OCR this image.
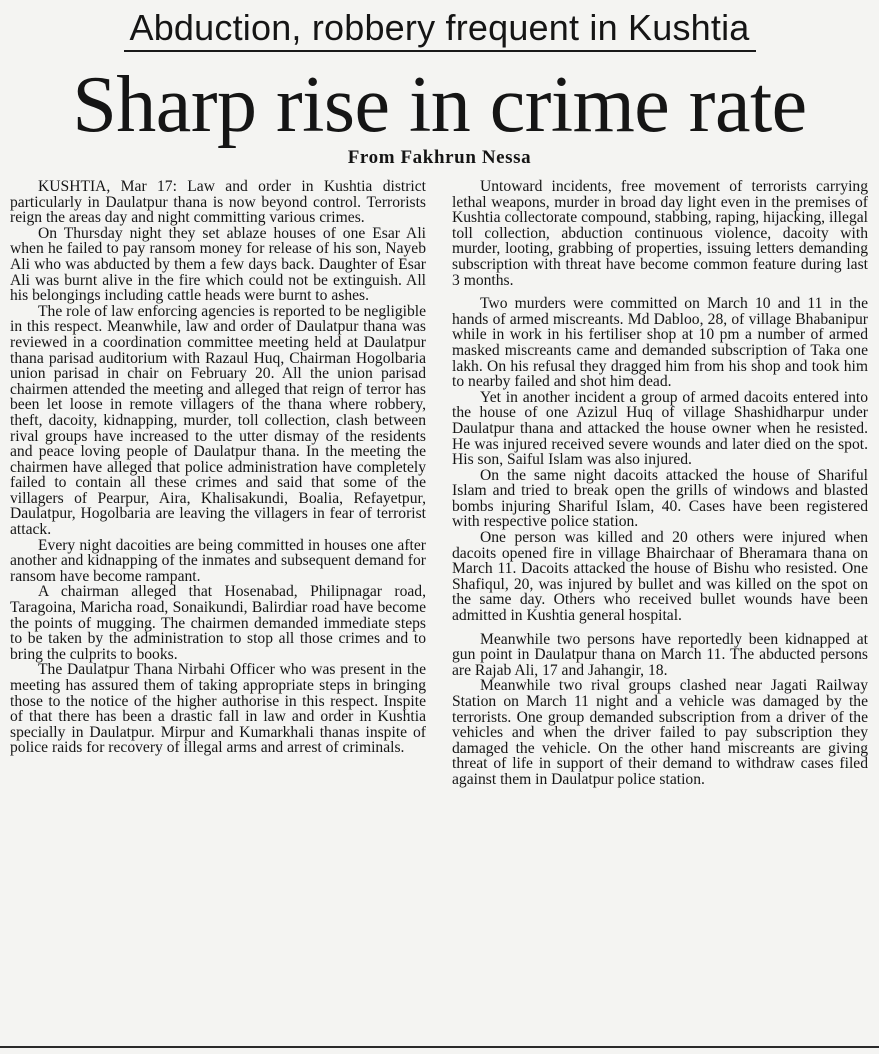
Abduction, robbery frequent in Kushtia
Sharp rise in crime rate
From Fakhrun Nessa

KUSHTIA, Mar 17: Law and order in Kushtia district particularly in Daulatpur thana is now beyond control. Terrorists reign the areas day and night committing various crimes.

On Thursday night they set ablaze houses of one Esar Ali when he failed to pay ransom money for release of his son, Nayeb Ali who was abducted by them a few days back. Daughter of Esar Ali was burnt alive in the fire which could not be extinguish. All his belongings including cattle heads were burnt to ashes.

The role of law enforcing agencies is reported to be negligible in this respect. Meanwhile, law and order of Daulatpur thana was reviewed in a coordination committee meeting held at Daulatpur thana parisad auditorium with Razaul Huq, Chairman Hogolbaria union parisad in chair on February 20. All the union parisad chairmen attended the meeting and alleged that reign of terror has been let loose in remote villagers of the thana where robbery, theft, dacoity, kidnapping, murder, toll collection, clash between rival groups have increased to the utter dismay of the residents and peace loving people of Daulatpur thana. In the meeting the chairmen have alleged that police administration have completely failed to contain all these crimes and said that some of the villagers of Pearpur, Aira, Khalisakundi, Boalia, Refayetpur, Daulatpur, Hogolbaria are leaving the villagers in fear of terrorist attack.

Every night dacoities are being committed in houses one after another and kidnapping of the inmates and subsequent demand for ransom have become rampant.

A chairman alleged that Hosenabad, Philipnagar road, Taragoina, Maricha road, Sonaikundi, Balirdiar road have become the points of mugging. The chairmen demanded immediate steps to be taken by the administration to stop all those crimes and to bring the culprits to books.

The Daulatpur Thana Nirbahi Officer who was present in the meeting has assured them of taking appropriate steps in bringing those to the notice of the higher authorise in this respect. Inspite of that there has been a drastic fall in law and order in Kushtia specially in Daulatpur. Mirpur and Kumarkhali thanas inspite of police raids for recovery of illegal arms and arrest of criminals.

Untoward incidents, free movement of terrorists carrying lethal weapons, murder in broad day light even in the premises of Kushtia collectorate compound, stabbing, raping, hijacking, illegal toll collection, abduction continuous violence, dacoity with murder, looting, grabbing of properties, issuing letters demanding subscription with threat have become common feature during last 3 months.

Two murders were committed on March 10 and 11 in the hands of armed miscreants. Md Dabloo, 28, of village Bhabanipur while in work in his fertiliser shop at 10 pm a number of armed masked miscreants came and demanded subscription of Taka one lakh. On his refusal they dragged him from his shop and took him to nearby failed and shot him dead.

Yet in another incident a group of armed dacoits entered into the house of one Azizul Huq of village Shashidharpur under Daulatpur thana and attacked the house owner when he resisted. He was injured received severe wounds and later died on the spot. His son, Saiful Islam was also injured.

On the same night dacoits attacked the house of Shariful Islam and tried to break open the grills of windows and blasted bombs injuring Shariful Islam, 40. Cases have been registered with respective police station.

One person was killed and 20 others were injured when dacoits opened fire in village Bhairchaar of Bheramara thana on March 11. Dacoits attacked the house of Bishu who resisted. One Shafiqul, 20, was injured by bullet and was killed on the spot on the same day. Others who received bullet wounds have been admitted in Kushtia general hospital.

Meanwhile two persons have reportedly been kidnapped at gun point in Daulatpur thana on March 11. The abducted persons are Rajab Ali, 17 and Jahangir, 18.

Meanwhile two rival groups clashed near Jagati Railway Station on March 11 night and a vehicle was damaged by the terrorists. One group demanded subscription from a driver of the vehicles and when the driver failed to pay subscription they damaged the vehicle. On the other hand miscreants are giving threat of life in support of their demand to withdraw cases filed against them in Daulatpur police station.
